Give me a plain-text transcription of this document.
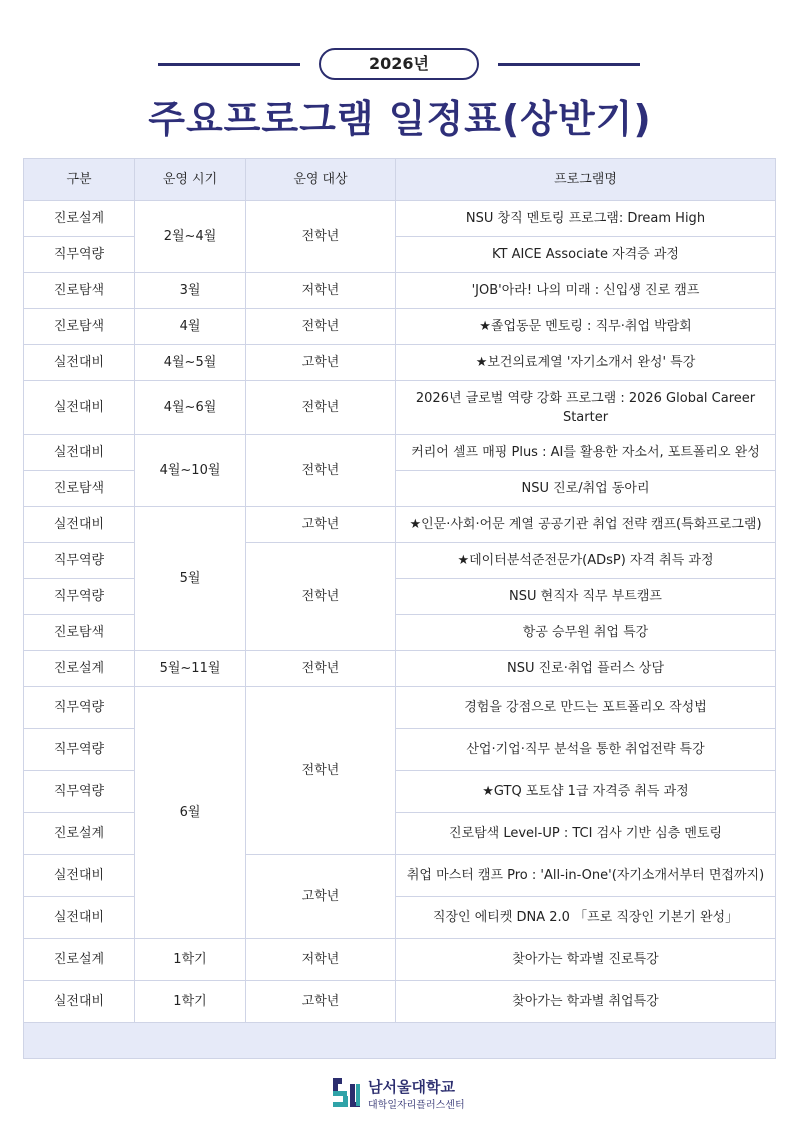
2026년
주요프로그램 일정표(상반기)
구분	운영 시기	운영 대상	프로그램명
진로설계	2월~4월	전학년	NSU 창직 멘토링 프로그램: Dream High
직무역량			KT AICE Associate 자격증 과정
진로탐색	3월	저학년	'JOB'아라! 나의 미래 : 신입생 진로 캠프
진로탐색	4월	전학년	★졸업동문 멘토링 : 직무·취업 박람회
실전대비	4월~5월	고학년	★보건의료계열 '자기소개서 완성' 특강
실전대비	4월~6월	전학년	2026년 글로벌 역량 강화 프로그램 : 2026 Global Career Starter
실전대비	4월~10월	전학년	커리어 셀프 매핑 Plus : AI를 활용한 자소서, 포트폴리오 완성
진로탐색			NSU 진로/취업 동아리
실전대비	5월	고학년	★인문·사회·어문 계열 공공기관 취업 전략 캠프(특화프로그램)
직무역량		전학년	★데이터분석준전문가(ADsP) 자격 취득 과정
직무역량			NSU 현직자 직무 부트캠프
진로탐색			항공 승무원 취업 특강
진로설계	5월~11월	전학년	NSU 진로·취업 플러스 상담
직무역량	6월	전학년	경험을 강점으로 만드는 포트폴리오 작성법
직무역량			산업·기업·직무 분석을 통한 취업전략 특강
직무역량			★GTQ 포토샵 1급 자격증 취득 과정
진로설계			진로탐색 Level-UP : TCI 검사 기반 심층 멘토링
실전대비		고학년	취업 마스터 캠프 Pro : 'All-in-One'(자기소개서부터 면접까지)
실전대비			직장인 에티켓 DNA 2.0 「프로 직장인 기본기 완성」
진로설계	1학기	저학년	찾아가는 학과별 진로특강
실전대비	1학기	고학년	찾아가는 학과별 취업특강

남서울대학교
대학일자리플러스센터
